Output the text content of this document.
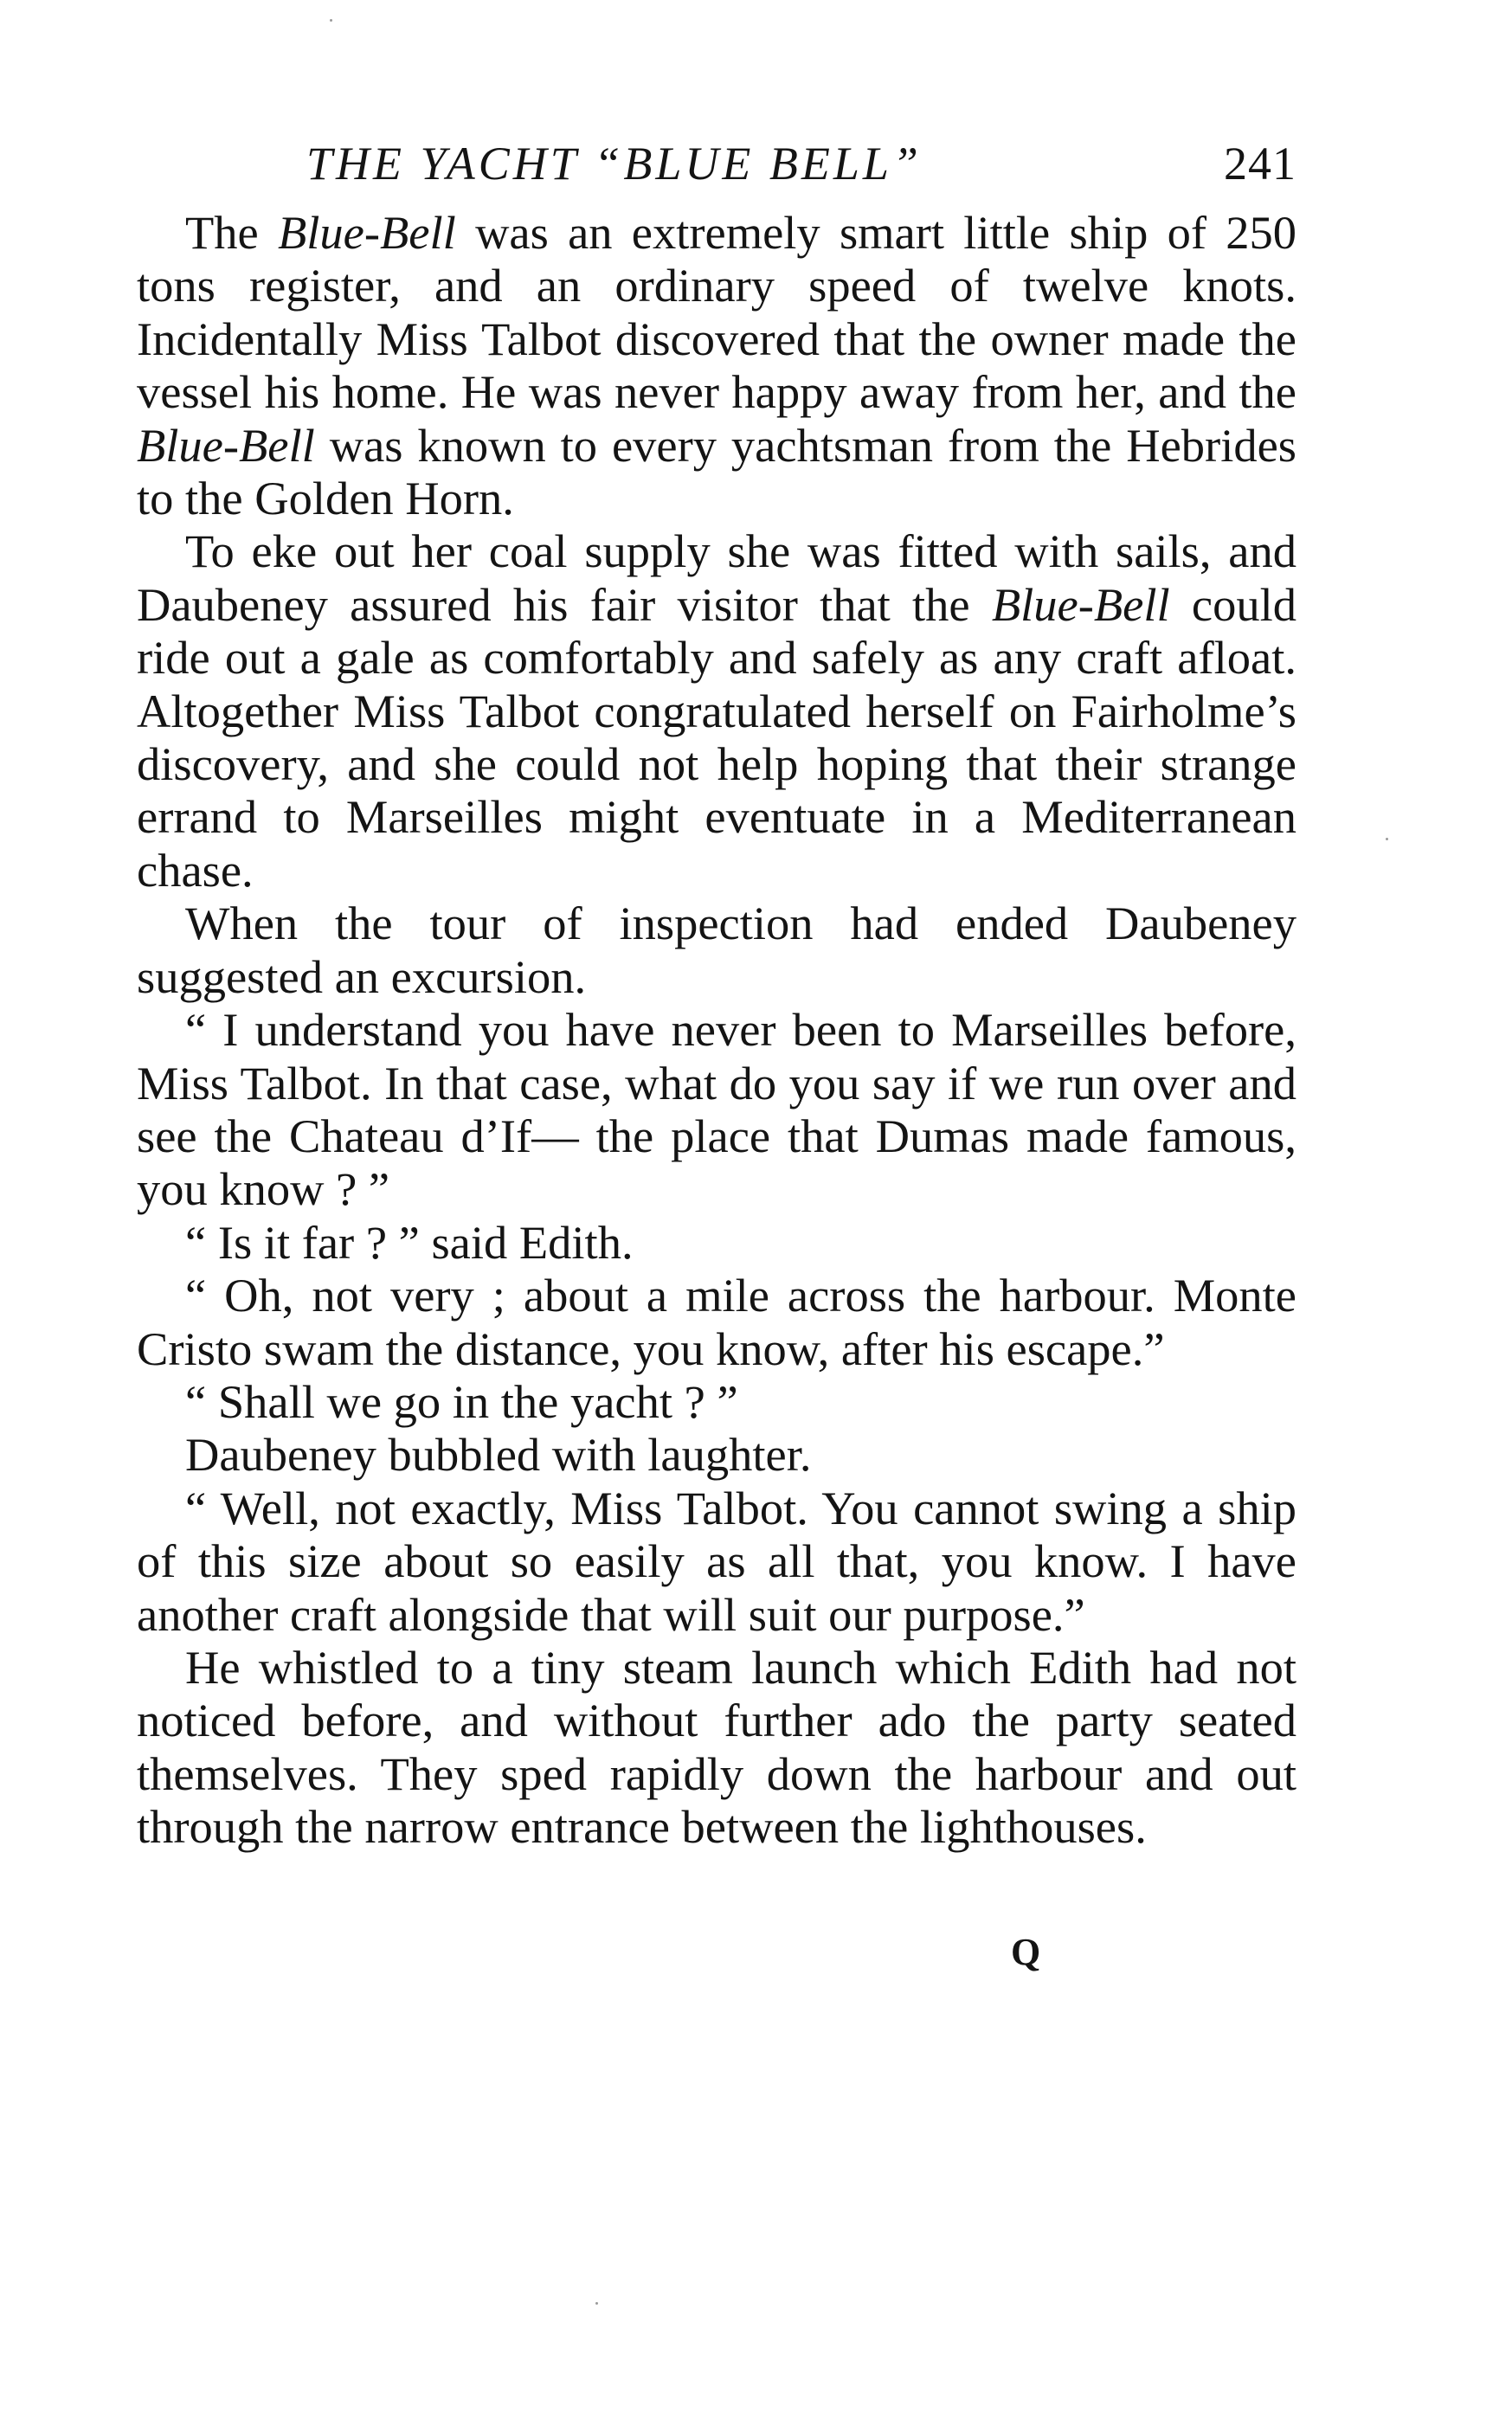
THE YACHT “BLUE BELL”	241

The Blue-Bell was an extremely smart little ship of 250 tons register, and an ordinary speed of twelve knots. Incidentally Miss Talbot discovered that the owner made the vessel his home. He was never happy away from her, and the Blue-Bell was known to every yachtsman from the Hebrides to the Golden Horn.

To eke out her coal supply she was fitted with sails, and Daubeney assured his fair visitor that the Blue-Bell could ride out a gale as comfortably and safely as any craft afloat. Altogether Miss Talbot congratulated herself on Fairholme’s discovery, and she could not help hoping that their strange errand to Marseilles might eventuate in a Mediterranean chase.

When the tour of inspection had ended Daubeney suggested an excursion.

“ I understand you have never been to Marseilles before, Miss Talbot. In that case, what do you say if we run over and see the Chateau d’If— the place that Dumas made famous, you know ? ”

“ Is it far ? ” said Edith.

“ Oh, not very ; about a mile across the harbour. Monte Cristo swam the distance, you know, after his escape.”

“ Shall we go in the yacht ? ”

Daubeney bubbled with laughter.

“ Well, not exactly, Miss Talbot. You cannot swing a ship of this size about so easily as all that, you know. I have another craft alongside that will suit our purpose.”

He whistled to a tiny steam launch which Edith had not noticed before, and without further ado the party seated themselves. They sped rapidly down the harbour and out through the narrow entrance between the lighthouses.

Q
